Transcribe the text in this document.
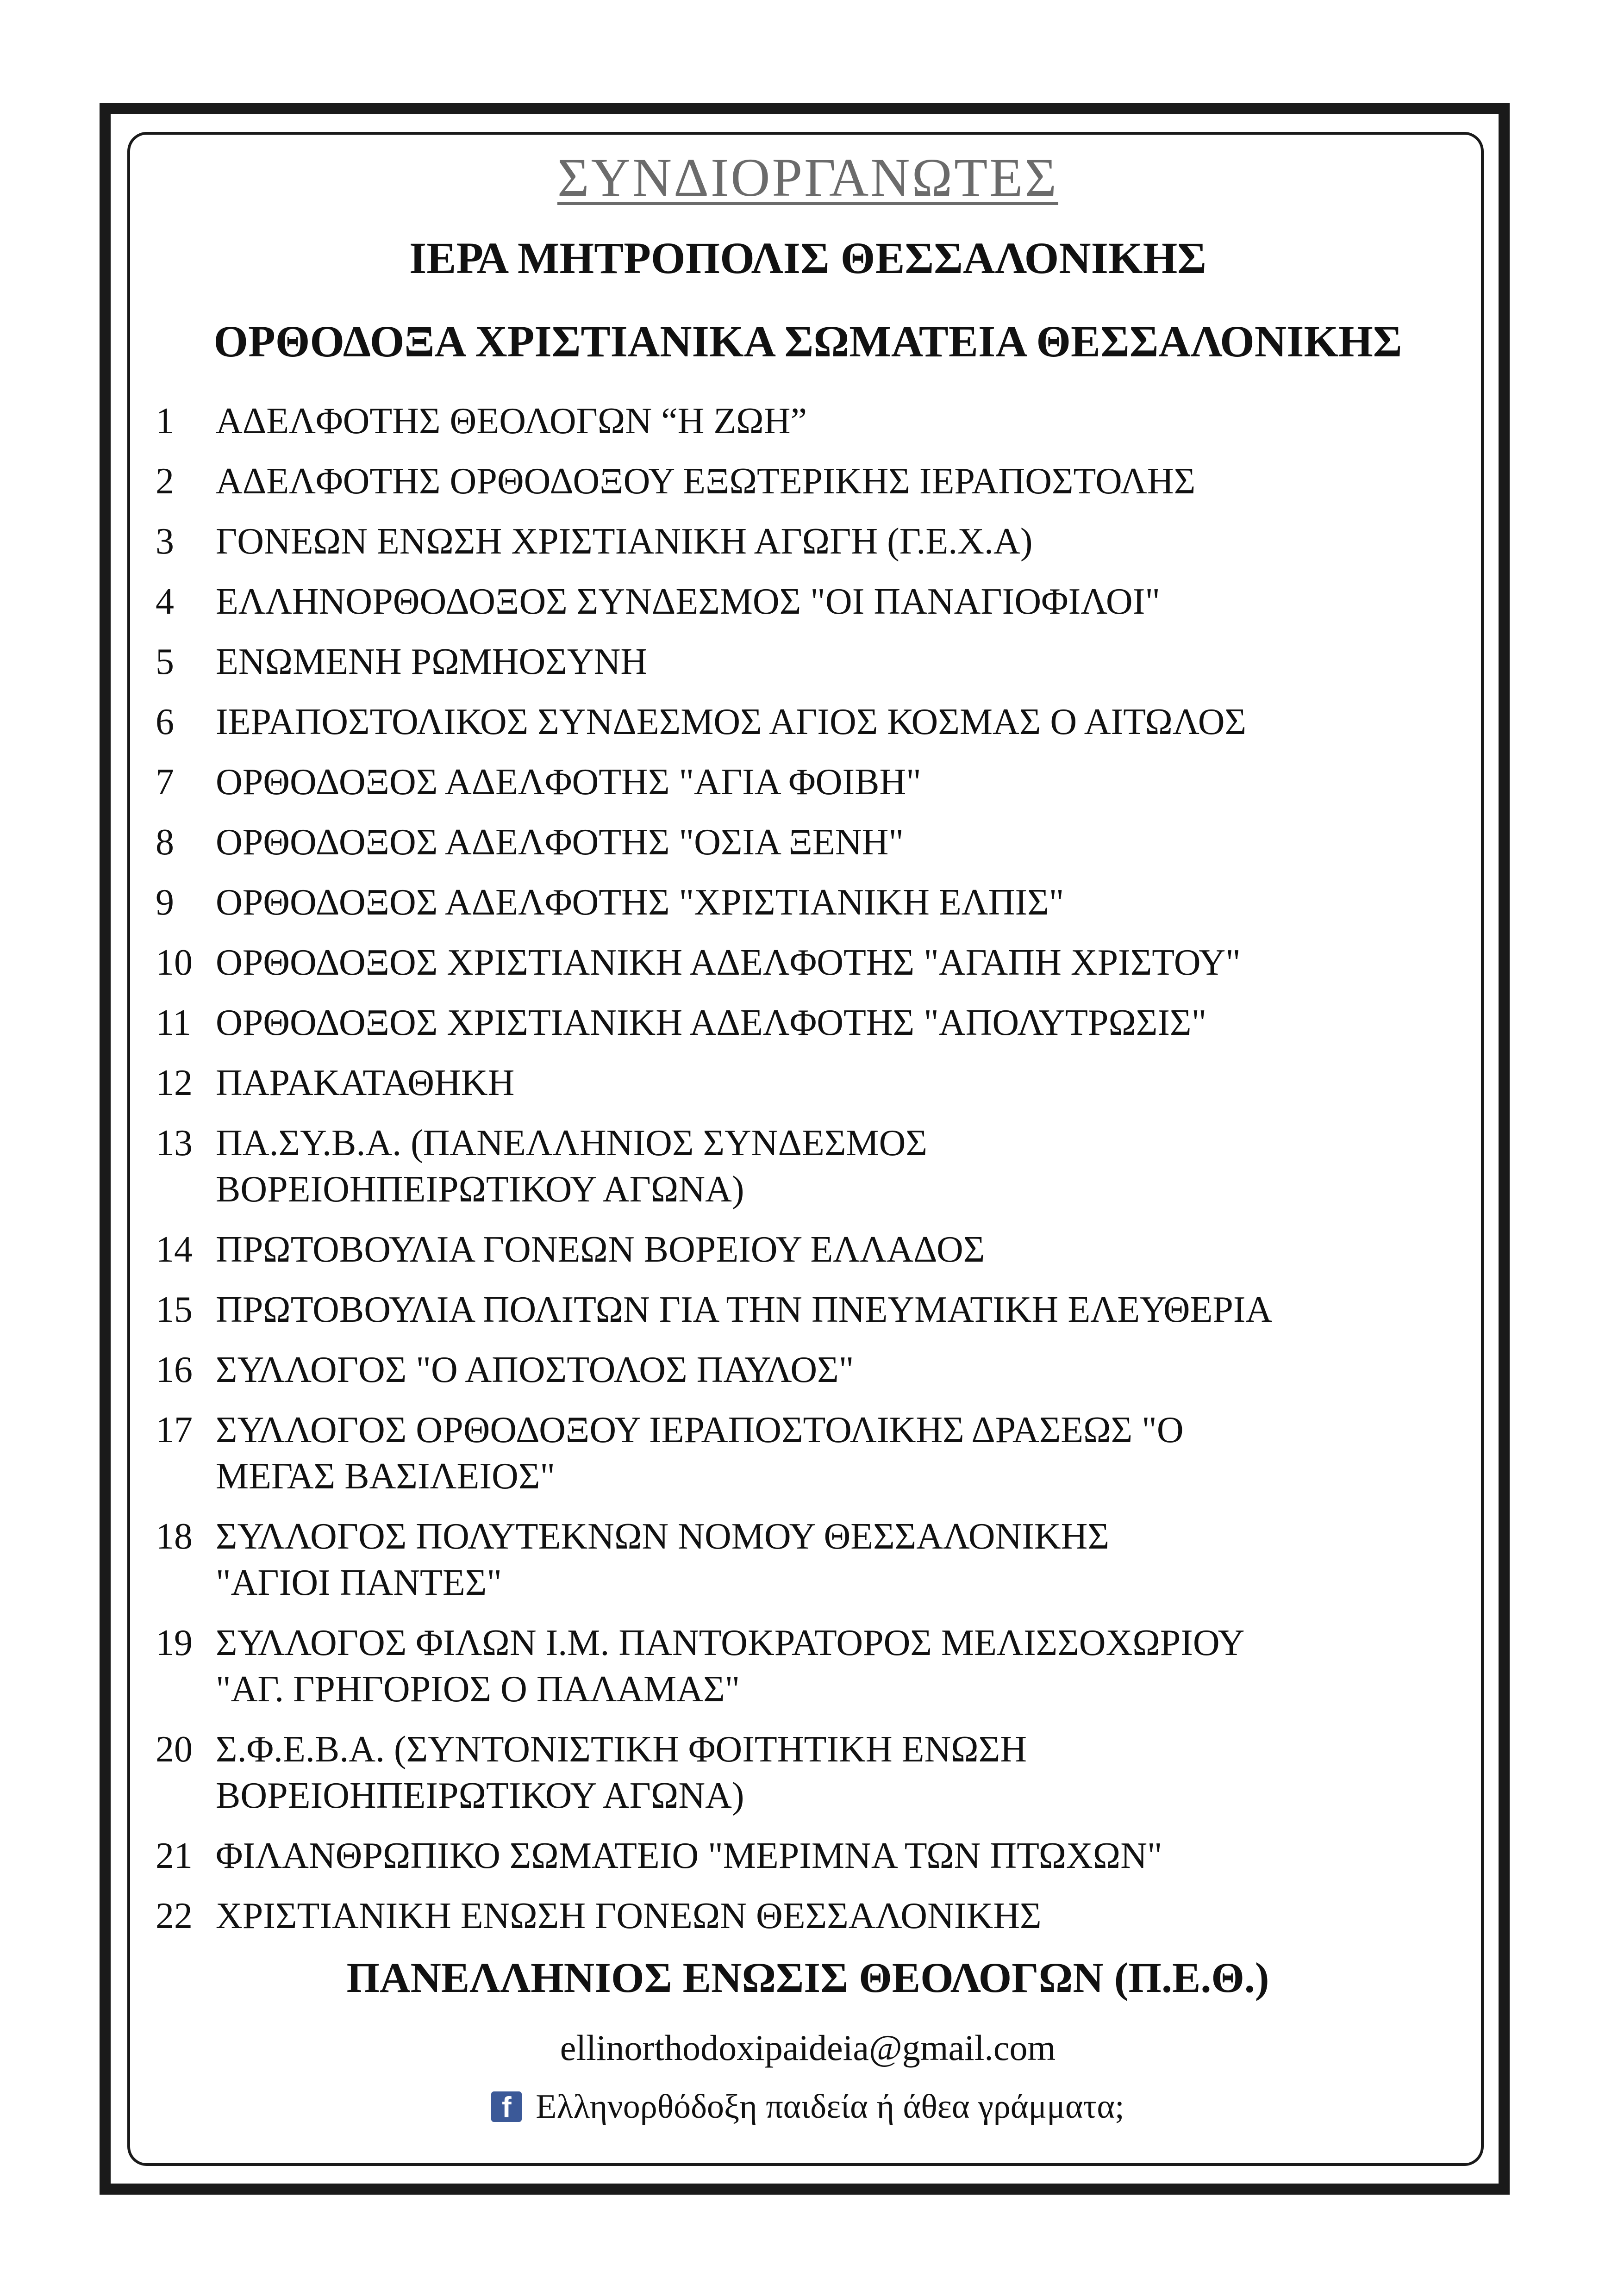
ΣΥΝΔΙΟΡΓΑΝΩΤΕΣ
ΙΕΡΑ ΜΗΤΡΟΠΟΛΙΣ ΘΕΣΣΑΛΟΝΙΚΗΣ
ΟΡΘΟΔΟΞΑ ΧΡΙΣΤΙΑΝΙΚΑ ΣΩΜΑΤΕΙΑ ΘΕΣΣΑΛΟΝΙΚΗΣ
1	ΑΔΕΛΦΟΤΗΣ ΘΕΟΛΟΓΩΝ “Η ΖΩΗ”
2	ΑΔΕΛΦΟΤΗΣ ΟΡΘΟΔΟΞΟΥ ΕΞΩΤΕΡΙΚΗΣ ΙΕΡΑΠΟΣΤΟΛΗΣ
3	ΓΟΝΕΩΝ ΕΝΩΣΗ ΧΡΙΣΤΙΑΝΙΚΗ ΑΓΩΓΗ (Γ.Ε.Χ.Α)
4	ΕΛΛΗΝΟΡΘΟΔΟΞΟΣ ΣΥΝΔΕΣΜΟΣ "ΟΙ ΠΑΝΑΓΙΟΦΙΛΟΙ"
5	ΕΝΩΜΕΝΗ ΡΩΜΗΟΣΥΝΗ
6	ΙΕΡΑΠΟΣΤΟΛΙΚΟΣ ΣΥΝΔΕΣΜΟΣ ΑΓΙΟΣ ΚΟΣΜΑΣ Ο ΑΙΤΩΛΟΣ
7	ΟΡΘΟΔΟΞΟΣ ΑΔΕΛΦΟΤΗΣ "ΑΓΙΑ ΦΟΙΒΗ"
8	ΟΡΘΟΔΟΞΟΣ ΑΔΕΛΦΟΤΗΣ "ΟΣΙΑ ΞΕΝΗ"
9	ΟΡΘΟΔΟΞΟΣ ΑΔΕΛΦΟΤΗΣ "ΧΡΙΣΤΙΑΝΙΚΗ ΕΛΠΙΣ"
10 ΟΡΘΟΔΟΞΟΣ ΧΡΙΣΤΙΑΝΙΚΗ ΑΔΕΛΦΟΤΗΣ "ΑΓΑΠΗ ΧΡΙΣΤΟΥ"
11 ΟΡΘΟΔΟΞΟΣ ΧΡΙΣΤΙΑΝΙΚΗ ΑΔΕΛΦΟΤΗΣ "ΑΠΟΛΥΤΡΩΣΙΣ"
12 ΠΑΡΑΚΑΤΑΘΗΚΗ
13 ΠΑ.ΣΥ.Β.Α. (ΠΑΝΕΛΛΗΝΙΟΣ ΣΥΝΔΕΣΜΟΣ
ΒΟΡΕΙΟΗΠΕΙΡΩΤΙΚΟΥ ΑΓΩΝΑ)
14 ΠΡΩΤΟΒΟΥΛΙΑ ΓΟΝΕΩΝ ΒΟΡΕΙΟΥ ΕΛΛΑΔΟΣ
15 ΠΡΩΤΟΒΟΥΛΙΑ ΠΟΛΙΤΩΝ ΓΙΑ ΤΗΝ ΠΝΕΥΜΑΤΙΚΗ ΕΛΕΥΘΕΡΙΑ
16 ΣΥΛΛΟΓΟΣ "Ο ΑΠΟΣΤΟΛΟΣ ΠΑΥΛΟΣ"
17 ΣΥΛΛΟΓΟΣ ΟΡΘΟΔΟΞΟΥ ΙΕΡΑΠΟΣΤΟΛΙΚΗΣ ΔΡΑΣΕΩΣ "Ο
ΜΕΓΑΣ ΒΑΣΙΛΕΙΟΣ"
18 ΣΥΛΛΟΓΟΣ ΠΟΛΥΤΕΚΝΩΝ ΝΟΜΟΥ ΘΕΣΣΑΛΟΝΙΚΗΣ
"ΑΓΙΟΙ ΠΑΝΤΕΣ"
19 ΣΥΛΛΟΓΟΣ ΦΙΛΩΝ Ι.Μ. ΠΑΝΤΟΚΡΑΤΟΡΟΣ ΜΕΛΙΣΣΟΧΩΡΙΟΥ
"ΑΓ. ΓΡΗΓΟΡΙΟΣ Ο ΠΑΛΑΜΑΣ"
20 Σ.Φ.Ε.Β.Α. (ΣΥΝΤΟΝΙΣΤΙΚΗ ΦΟΙΤΗΤΙΚΗ ΕΝΩΣΗ
ΒΟΡΕΙΟΗΠΕΙΡΩΤΙΚΟΥ ΑΓΩΝΑ)
21 ΦΙΛΑΝΘΡΩΠΙΚΟ ΣΩΜΑΤΕΙΟ "ΜΕΡΙΜΝΑ ΤΩΝ ΠΤΩΧΩΝ"
22 ΧΡΙΣΤΙΑΝΙΚΗ ΕΝΩΣΗ ΓΟΝΕΩΝ ΘΕΣΣΑΛΟΝΙΚΗΣ
ΠΑΝΕΛΛΗΝΙΟΣ ΕΝΩΣΙΣ ΘΕΟΛΟΓΩΝ (Π.Ε.Θ.)
ellinorthodoxipaideia@gmail.com
f Ελληνορθόδοξη παιδεία ή άθεα γράμματα;
